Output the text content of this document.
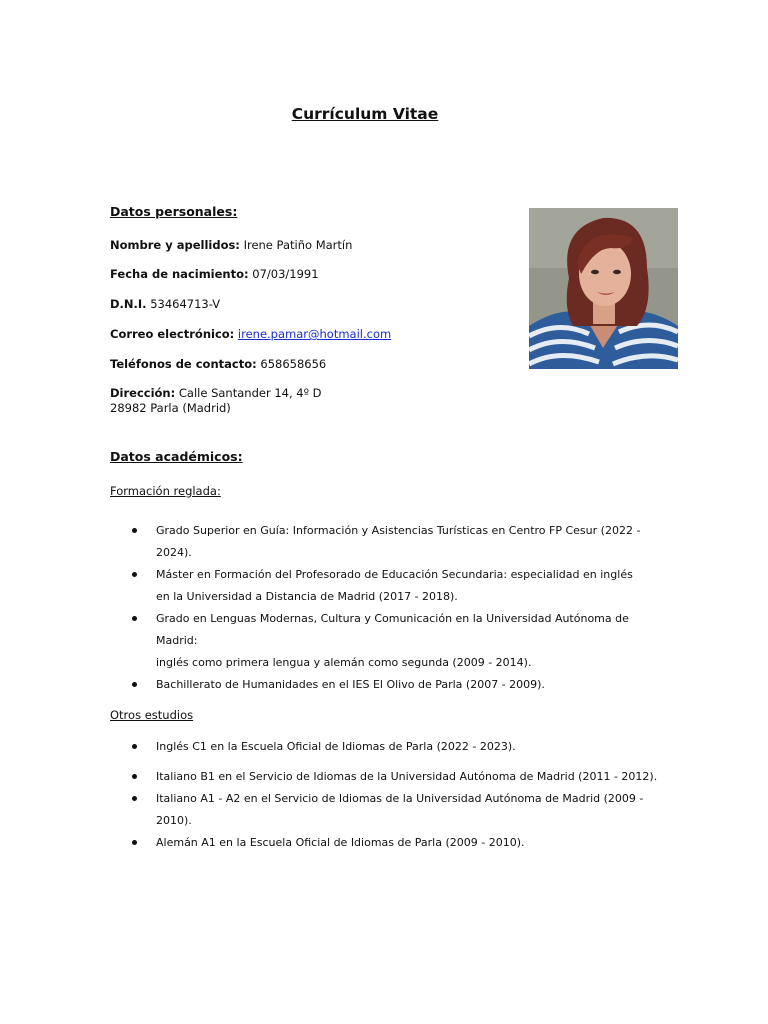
Currículum Vitae
Datos personales:
Nombre y apellidos: Irene Patiño Martín
Fecha de nacimiento: 07/03/1991
D.N.I. 53464713-V
Correo electrónico: irene.pamar@hotmail.com
Teléfonos de contacto: 658658656
Dirección: Calle Santander 14, 4º D
28982 Parla (Madrid)
Datos académicos:
Formación reglada:
Grado Superior en Guía: Información y Asistencias Turísticas en Centro FP Cesur (2022 -
2024).
Máster en Formación del Profesorado de Educación Secundaria: especialidad en inglés
en la Universidad a Distancia de Madrid (2017 - 2018).
Grado en Lenguas Modernas, Cultura y Comunicación en la Universidad Autónoma de Madrid:
inglés como primera lengua y alemán como segunda (2009 - 2014).
Bachillerato de Humanidades en el IES El Olivo de Parla (2007 - 2009).
Otros estudios
Inglés C1 en la Escuela Oficial de Idiomas de Parla (2022 - 2023).
Italiano B1 en el Servicio de Idiomas de la Universidad Autónoma de Madrid (2011 - 2012).
Italiano A1 - A2 en el Servicio de Idiomas de la Universidad Autónoma de Madrid (2009 - 2010).
Alemán A1 en la Escuela Oficial de Idiomas de Parla (2009 - 2010).
